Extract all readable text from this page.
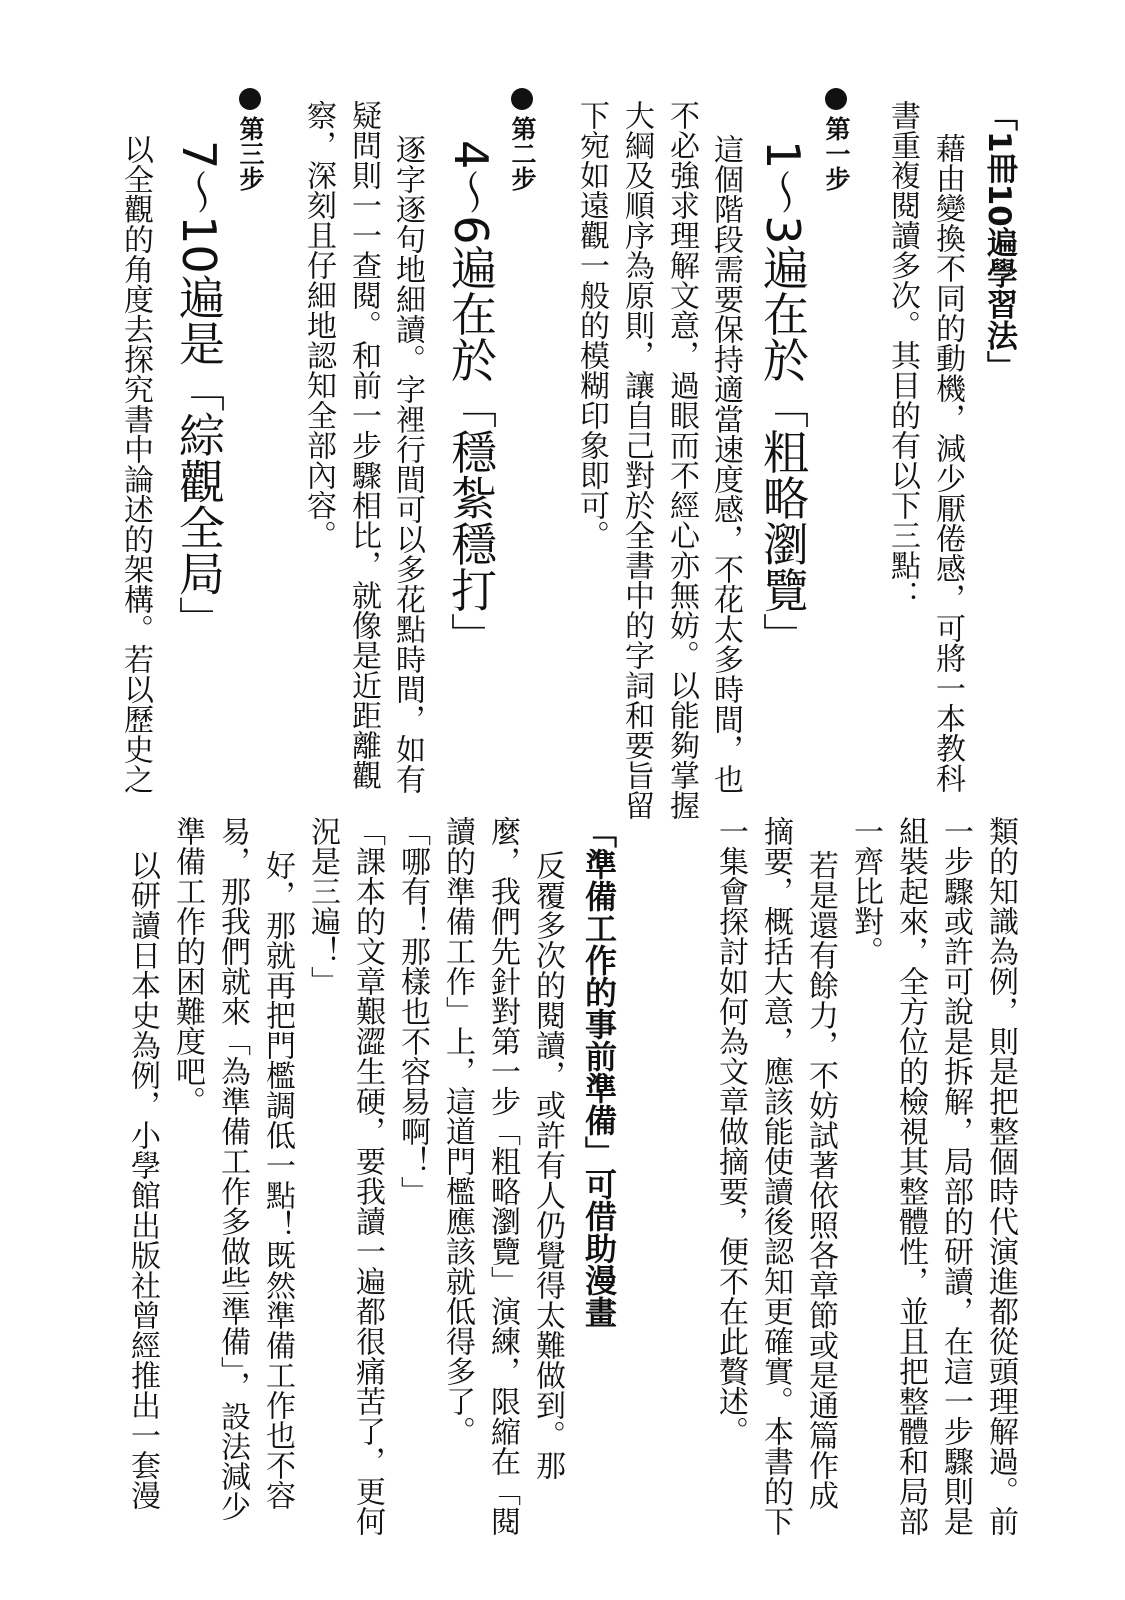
「1冊10遍學習法」
藉由變換不同的動機，減少厭倦感，可將一本教科
書重複閱讀多次。其目的有以下三點：
第一步
1～3遍在於「粗略瀏覽」
這個階段需要保持適當速度感，不花太多時間，也
不必強求理解文意，過眼而不經心亦無妨。以能夠掌握
大綱及順序為原則，讓自己對於全書中的字詞和要旨留
下宛如遠觀一般的模糊印象即可。
第二步
4～6遍在於「穩紮穩打」
逐字逐句地細讀。字裡行間可以多花點時間，如有
疑問則一一查閱。和前一步驟相比，就像是近距離觀
察，深刻且仔細地認知全部內容。
第三步
7～10遍是「綜觀全局」
以全觀的角度去探究書中論述的架構。若以歷史之
類的知識為例，則是把整個時代演進都從頭理解過。前
一步驟或許可說是拆解，局部的研讀，在這一步驟則是
組裝起來，全方位的檢視其整體性，並且把整體和局部
一齊比對。
若是還有餘力，不妨試著依照各章節或是通篇作成
摘要，概括大意，應該能使讀後認知更確實。本書的下
一集會探討如何為文章做摘要，便不在此贅述。
「準備工作的事前準備」可借助漫畫
反覆多次的閱讀，或許有人仍覺得太難做到。那
麼，我們先針對第一步「粗略瀏覽」演練，限縮在「閱
讀的準備工作」上，這道門檻應該就低得多了。
「哪有！那樣也不容易啊！」
「課本的文章艱澀生硬，要我讀一遍都很痛苦了，更何
況是三遍！」
好，那就再把門檻調低一點！既然準備工作也不容
易，那我們就來「為準備工作多做些準備」，設法減少
準備工作的困難度吧。
以研讀日本史為例，小學館出版社曾經推出一套漫
